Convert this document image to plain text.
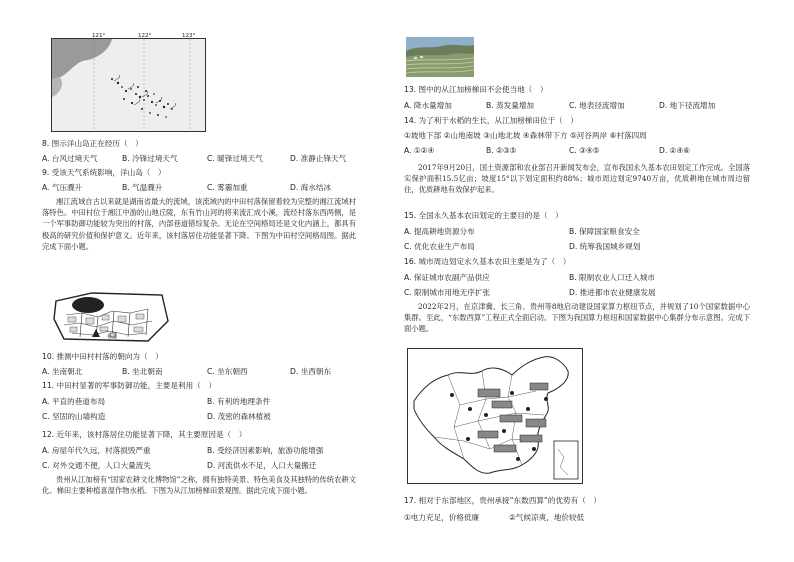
121°	122°	123°
8. 图示洋山岛正在经历（　）
A. 台风过境天气	B. 冷锋过境天气	C. 暖锋过境天气	D. 准静止锋天气
9. 受该天气系统影响，洋山岛（　）
A. 气压骤升	B. 气温骤升	C. 雾霾加重	D. 海水结冰
湘江流域自古以来就是湖南省最大的流域，该流域内的中田村落保留着较为完整的湘江流域村落特色。中田村位于湘江中游的山地丘陵，东有竹山河的将来流汇成小溪，流经村落东西两侧，是一个军事防御功能较为突出的村落，内部巷道错综复杂。无论在空间格局还是文化内涵上，都具有极高的研究价值和保护意义。近年来，该村落居住功能显著下降。下图为中田村空间格局图。据此完成下面小题。
巷道
10. 推测中田村村落的朝向为（　）
A. 坐南朝北	B. 坐北朝南	C. 坐东朝西	D. 坐西朝东
11. 中田村显著的军事防御功能，主要是利用（　）
A. 平直的巷道布局	B. 有利的地理条件
C. 坚固的山墙构造	D. 茂密的森林植被
12. 近年来，该村落居住功能显著下降，其主要原因是（　）
A. 房屋年代久远，村落损毁严重	B. 受经济因素影响，旅游功能增强
C. 对外交通不便，人口大量流失	D. 河流供水不足，人口大量搬迁
贵州从江加榜有“国家农耕文化博物馆”之称，拥有独特美景、特色美食及其独特的传统农耕文化。梯田主要种植喜湿作物水稻。下图为从江加榜梯田景观图。据此完成下面小题。
13. 图中的从江加榜梯田不会使当地（　）
A. 降水量增加	B. 蒸发量增加	C. 地表径流增加	D. 地下径流增加
14. 为了利于水稻的生长，从江加榜梯田位于（　）
①坡地下部 ②山地南坡 ③山地北坡 ④森林带下方 ⑤河谷两岸 ⑥村落四周
A. ①②④	B. ②③⑤	C. ③④⑤	D. ②④⑥
2017年9月20日，国土资源部和农业部召开新闻发布会，宣布我国永久基本农田划定工作完成。全国落实保护面积15.5亿亩；坡度15°以下划定面积约88%；城市周边划定9740万亩，优质耕地在城市周边留住，优质耕地有效保护起来。
15. 全国永久基本农田划定的主要目的是（　）
A. 提高耕地资源分布	B. 保障国家粮食安全
C. 优化农业生产布局	D. 统筹我国城乡规划
16. 城市周边划定永久基本农田主要是为了（　）
A. 保证城市农副产品供应	B. 限制农业人口迁入城市
C. 限制城市用地无序扩张	D. 推进都市农业健康发展
2022年2月，在京津冀、长三角、贵州等8地启动建设国家算力枢纽节点，并规划了10个国家数据中心集群。至此，“东数西算”工程正式全面启动。下图为我国算力枢纽和国家数据中心集群分布示意图。完成下面小题。
17. 相对于东部地区，贵州承接“东数西算”的优势有（　）
①电力充足，价格低廉	②气候凉爽，地价较低
